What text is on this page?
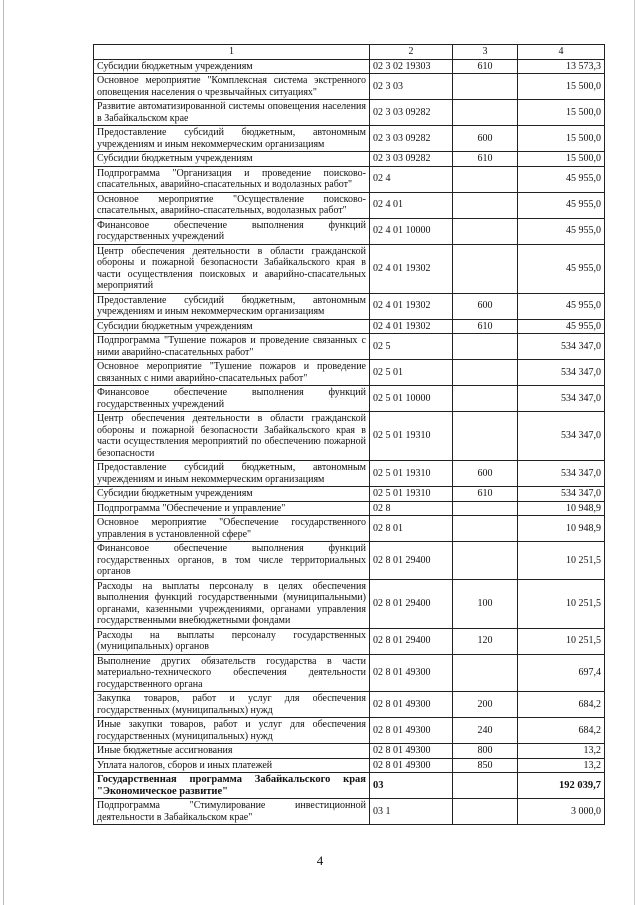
1	2	3	4
Субсидии бюджетным учреждениям	02 3 02 19303	610	13 573,3
Основное мероприятие "Комплексная система экстренного оповещения населения о чрезвычайных ситуациях"	02 3 03		15 500,0
Развитие автоматизированной системы оповещения населения в Забайкальском крае	02 3 03 09282		15 500,0
Предоставление субсидий бюджетным, автономным учреждениям и иным некоммерческим организациям	02 3 03 09282	600	15 500,0
Субсидии бюджетным учреждениям	02 3 03 09282	610	15 500,0
Подпрограмма "Организация и проведение поисково-спасательных, аварийно-спасательных и водолазных работ"	02 4		45 955,0
Основное мероприятие "Осуществление поисково-спасательных, аварийно-спасательных, водолазных работ"	02 4 01		45 955,0
Финансовое обеспечение выполнения функций государственных учреждений	02 4 01 10000		45 955,0
Центр обеспечения деятельности в области гражданской обороны и пожарной безопасности Забайкальского края в части осуществления поисковых и аварийно-спасательных мероприятий	02 4 01 19302		45 955,0
Предоставление субсидий бюджетным, автономным учреждениям и иным некоммерческим организациям	02 4 01 19302	600	45 955,0
Субсидии бюджетным учреждениям	02 4 01 19302	610	45 955,0
Подпрограмма "Тушение пожаров и проведение связанных с ними аварийно-спасательных работ"	02 5		534 347,0
Основное мероприятие "Тушение пожаров и проведение связанных с ними аварийно-спасательных работ"	02 5 01		534 347,0
Финансовое обеспечение выполнения функций государственных учреждений	02 5 01 10000		534 347,0
Центр обеспечения деятельности в области гражданской обороны и пожарной безопасности Забайкальского края в части осуществления мероприятий по обеспечению пожарной безопасности	02 5 01 19310		534 347,0
Предоставление субсидий бюджетным, автономным учреждениям и иным некоммерческим организациям	02 5 01 19310	600	534 347,0
Субсидии бюджетным учреждениям	02 5 01 19310	610	534 347,0
Подпрограмма "Обеспечение и управление"	02 8		10 948,9
Основное мероприятие "Обеспечение государственного управления в установленной сфере"	02 8 01		10 948,9
Финансовое обеспечение выполнения функций государственных органов, в том числе территориальных органов	02 8 01 29400		10 251,5
Расходы на выплаты персоналу в целях обеспечения выполнения функций государственными (муниципальными) органами, казенными учреждениями, органами управления государственными внебюджетными фондами	02 8 01 29400	100	10 251,5
Расходы на выплаты персоналу государственных (муниципальных) органов	02 8 01 29400	120	10 251,5
Выполнение других обязательств государства в части материально-технического обеспечения деятельности государственного органа	02 8 01 49300		697,4
Закупка товаров, работ и услуг для обеспечения государственных (муниципальных) нужд	02 8 01 49300	200	684,2
Иные закупки товаров, работ и услуг для обеспечения государственных (муниципальных) нужд	02 8 01 49300	240	684,2
Иные бюджетные ассигнования	02 8 01 49300	800	13,2
Уплата налогов, сборов и иных платежей	02 8 01 49300	850	13,2
Государственная программа Забайкальского края "Экономическое развитие"	03		192 039,7
Подпрограмма "Стимулирование инвестиционной деятельности в Забайкальском крае"	03 1		3 000,0
4
